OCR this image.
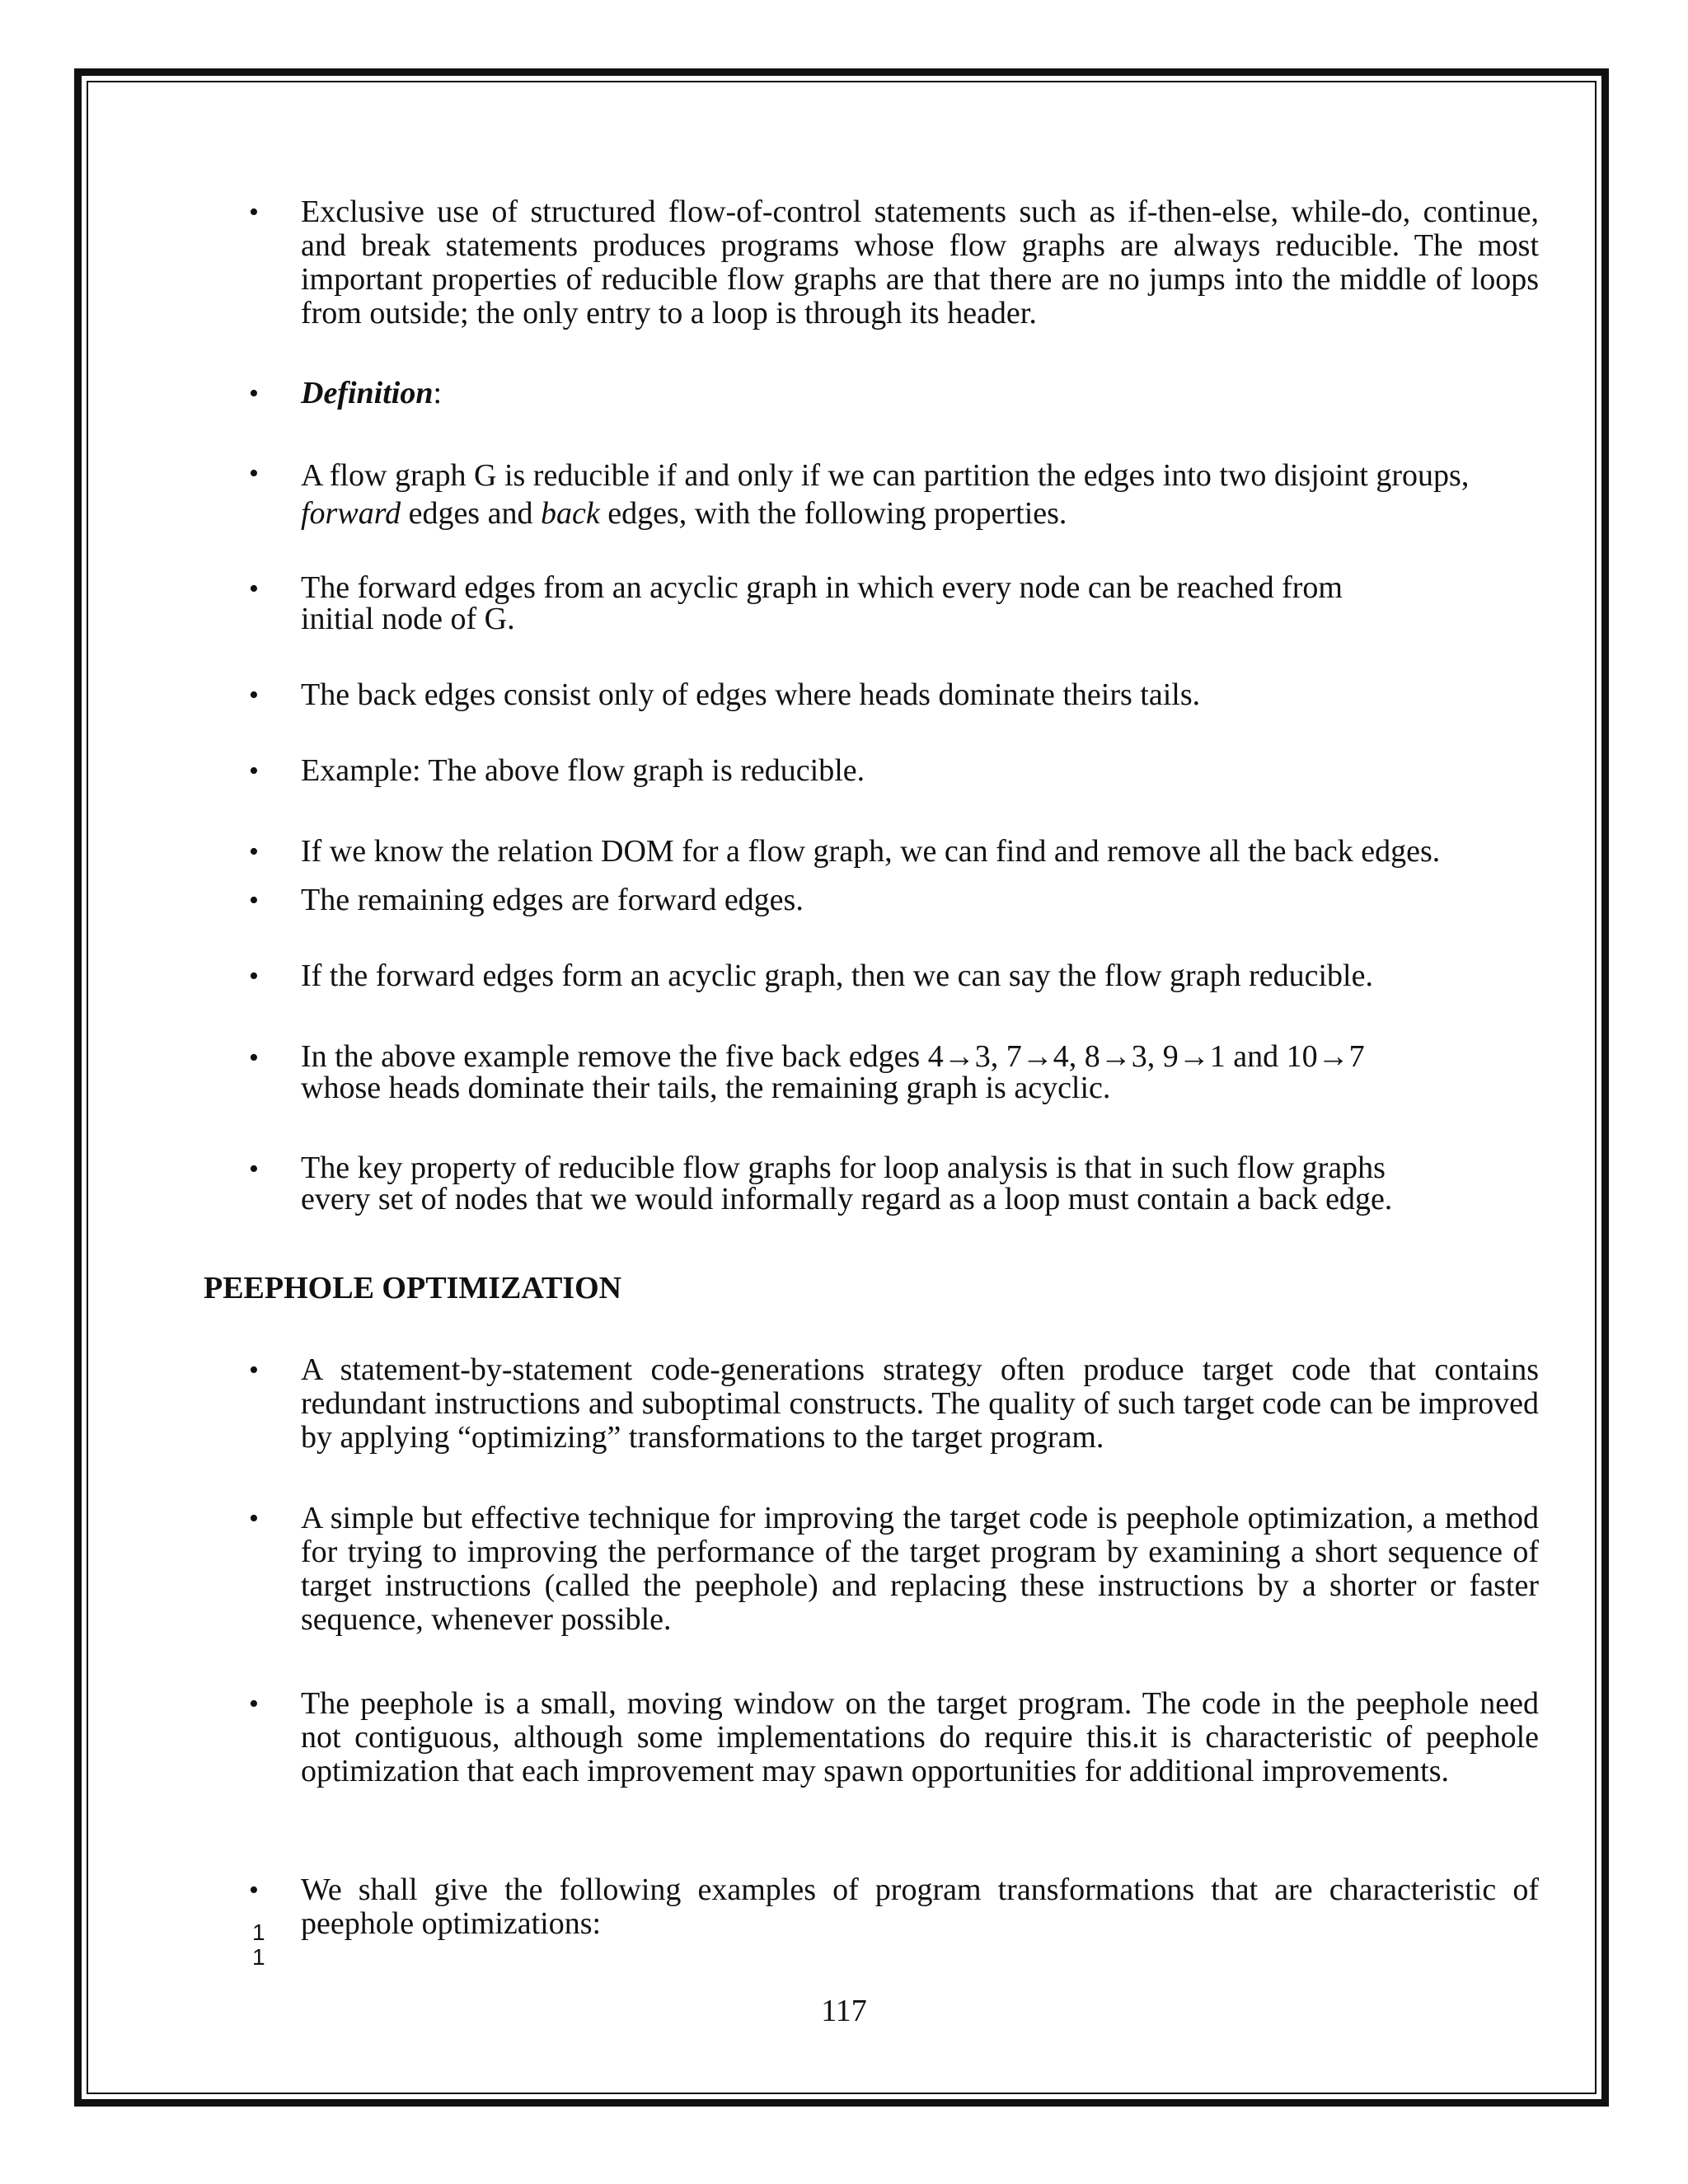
• Exclusive use of structured flow-of-control statements such as if-then-else, while-do, continue, and break statements produces programs whose flow graphs are always reducible. The most important properties of reducible flow graphs are that there are no jumps into the middle of loops from outside; the only entry to a loop is through its header.
• Definition:
• A flow graph G is reducible if and only if we can partition the edges into two disjoint groups, forward edges and back edges, with the following properties.
• The forward edges from an acyclic graph in which every node can be reached from
initial node of G.
• The back edges consist only of edges where heads dominate theirs tails.
• Example: The above flow graph is reducible.
• If we know the relation DOM for a flow graph, we can find and remove all the back edges.
• The remaining edges are forward edges.
• If the forward edges form an acyclic graph, then we can say the flow graph reducible.
• In the above example remove the five back edges 4→3, 7→4, 8→3, 9→1 and 10→7
whose heads dominate their tails, the remaining graph is acyclic.
• The key property of reducible flow graphs for loop analysis is that in such flow graphs
every set of nodes that we would informally regard as a loop must contain a back edge.
PEEPHOLE OPTIMIZATION
• A statement-by-statement code-generations strategy often produce target code that contains redundant instructions and suboptimal constructs. The quality of such target code can be improved by applying “optimizing” transformations to the target program.
• A simple but effective technique for improving the target code is peephole optimization, a method for trying to improving the performance of the target program by examining a short sequence of target instructions (called the peephole) and replacing these instructions by a shorter or faster sequence, whenever possible.
• The peephole is a small, moving window on the target program. The code in the peephole need not contiguous, although some implementations do require this.it is characteristic of peephole optimization that each improvement may spawn opportunities for additional improvements.
• We shall give the following examples of program transformations that are characteristic of peephole optimizations:
1
1
117
